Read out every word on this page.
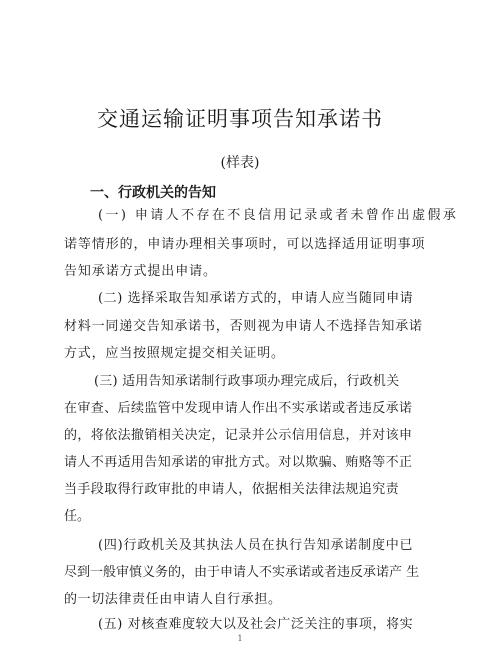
交通运输证明事项告知承诺书
(样表)
一、行政机关的告知
(一) 申请人不存在不良信用记录或者未曾作出虚假承
诺等情形的，申请办理相关事项时，可以选择适用证明事项
告知承诺方式提出申请。
(二) 选择采取告知承诺方式的，申请人应当随同申请
材料一同递交告知承诺书，否则视为申请人不选择告知承诺
方式，应当按照规定提交相关证明。
(三) 适用告知承诺制行政事项办理完成后，行政机关
在审查、后续监管中发现申请人作出不实承诺或者违反承诺
的，将依法撤销相关决定，记录并公示信用信息，并对该申
请人不再适用告知承诺的审批方式。对以欺骗、贿赂等不正
当手段取得行政审批的申请人，依据相关法律法规追究责
任。
(四)行政机关及其执法人员在执行告知承诺制度中已
尽到一般审慎义务的，由于申请人不实承诺或者违反承诺产 生
的一切法律责任由申请人自行承担。
(五) 对核查难度较大以及社会广泛关注的事项，将实
1
